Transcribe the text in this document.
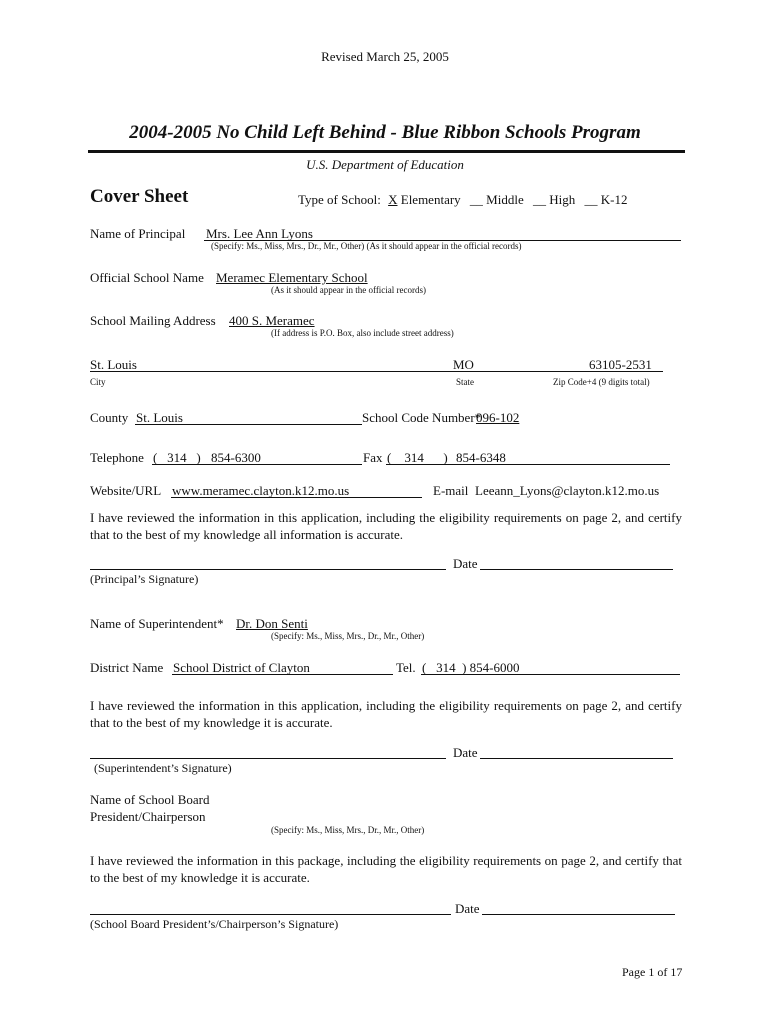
Revised March 25, 2005
2004-2005 No Child Left Behind - Blue Ribbon Schools Program
U.S. Department of Education
Cover Sheet	Type of School: X Elementary __ Middle __ High __ K-12
Name of Principal Mrs. Lee Ann Lyons
(Specify: Ms., Miss, Mrs., Dr., Mr., Other) (As it should appear in the official records)
Official School Name Meramec Elementary School
(As it should appear in the official records)
School Mailing Address 400 S. Meramec
(If address is P.O. Box, also include street address)
St. Louis	MO	63105-2531
City	State	Zip Code+4 (9 digits total)
County St. Louis	School Code Number*
096-102
Telephone (   314   ) 854-6300	Fax (    314      ) 854-6348
Website/URL www.meramec.clayton.k12.mo.us	E-mail Leeann_Lyons@clayton.k12.mo.us
I have reviewed the information in this application, including the eligibility requirements on page 2, and certify that to the best of my knowledge all information is accurate.
Date
(Principal’s Signature)
Name of Superintendent* Dr. Don Senti
(Specify: Ms., Miss, Mrs., Dr., Mr., Other)
District Name School District of Clayton	Tel. (   314  ) 854-6000
I have reviewed the information in this application, including the eligibility requirements on page 2, and certify that to the best of my knowledge it is accurate.
Date
(Superintendent’s Signature)
Name of School Board
President/Chairperson
(Specify: Ms., Miss, Mrs., Dr., Mr., Other)
I have reviewed the information in this package, including the eligibility requirements on page 2, and certify that to the best of my knowledge it is accurate.
Date
(School Board President’s/Chairperson’s Signature)
Page 1 of 17
